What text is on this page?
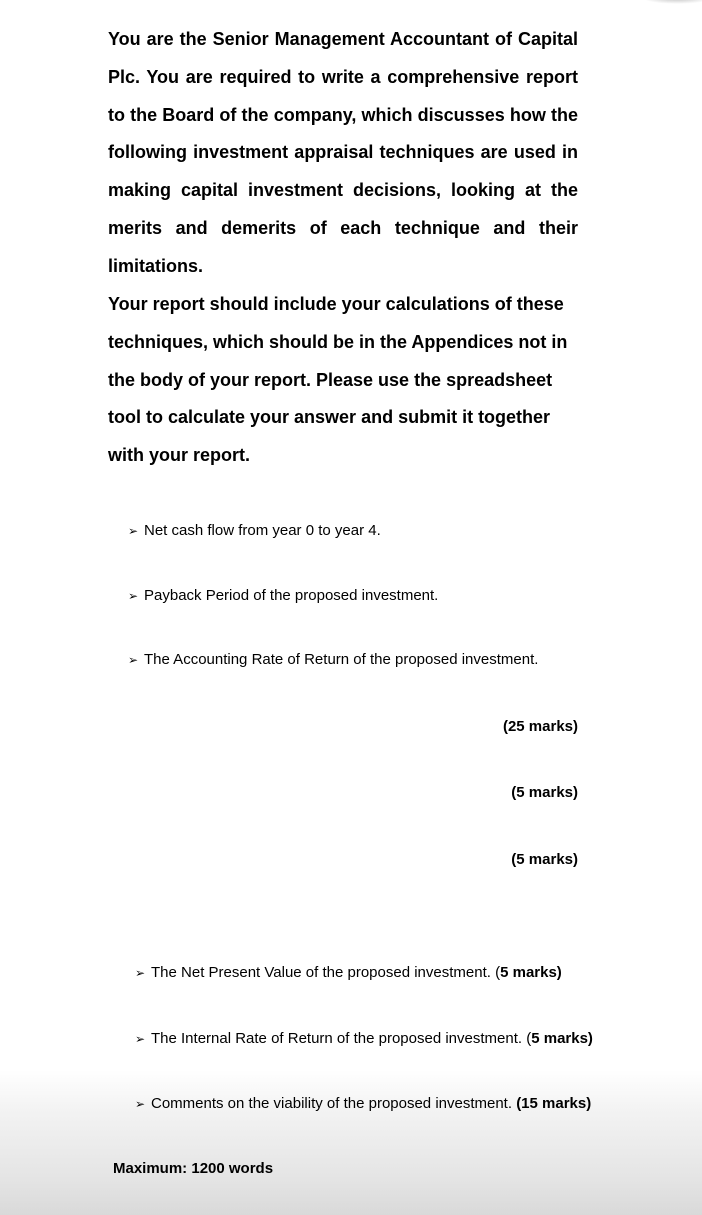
You are the Senior Management Accountant of Capital Plc. You are required to write a comprehensive report to the Board of the company, which discusses how the following investment appraisal techniques are used in making capital investment decisions, looking at the merits and demerits of each technique and their limitations.
Your report should include your calculations of these techniques, which should be in the Appendices not in the body of your report. Please use the spreadsheet tool to calculate your answer and submit it together with your report.
➢ Net cash flow from year 0 to year 4.
➢ Payback Period of the proposed investment.
➢ The Accounting Rate of Return of the proposed investment.
(25 marks)
(5 marks)
(5 marks)
➢ The Net Present Value of the proposed investment. (5 marks)
➢ The Internal Rate of Return of the proposed investment. (5 marks)
➢ Comments on the viability of the proposed investment. (15 marks)
Maximum: 1200 words
